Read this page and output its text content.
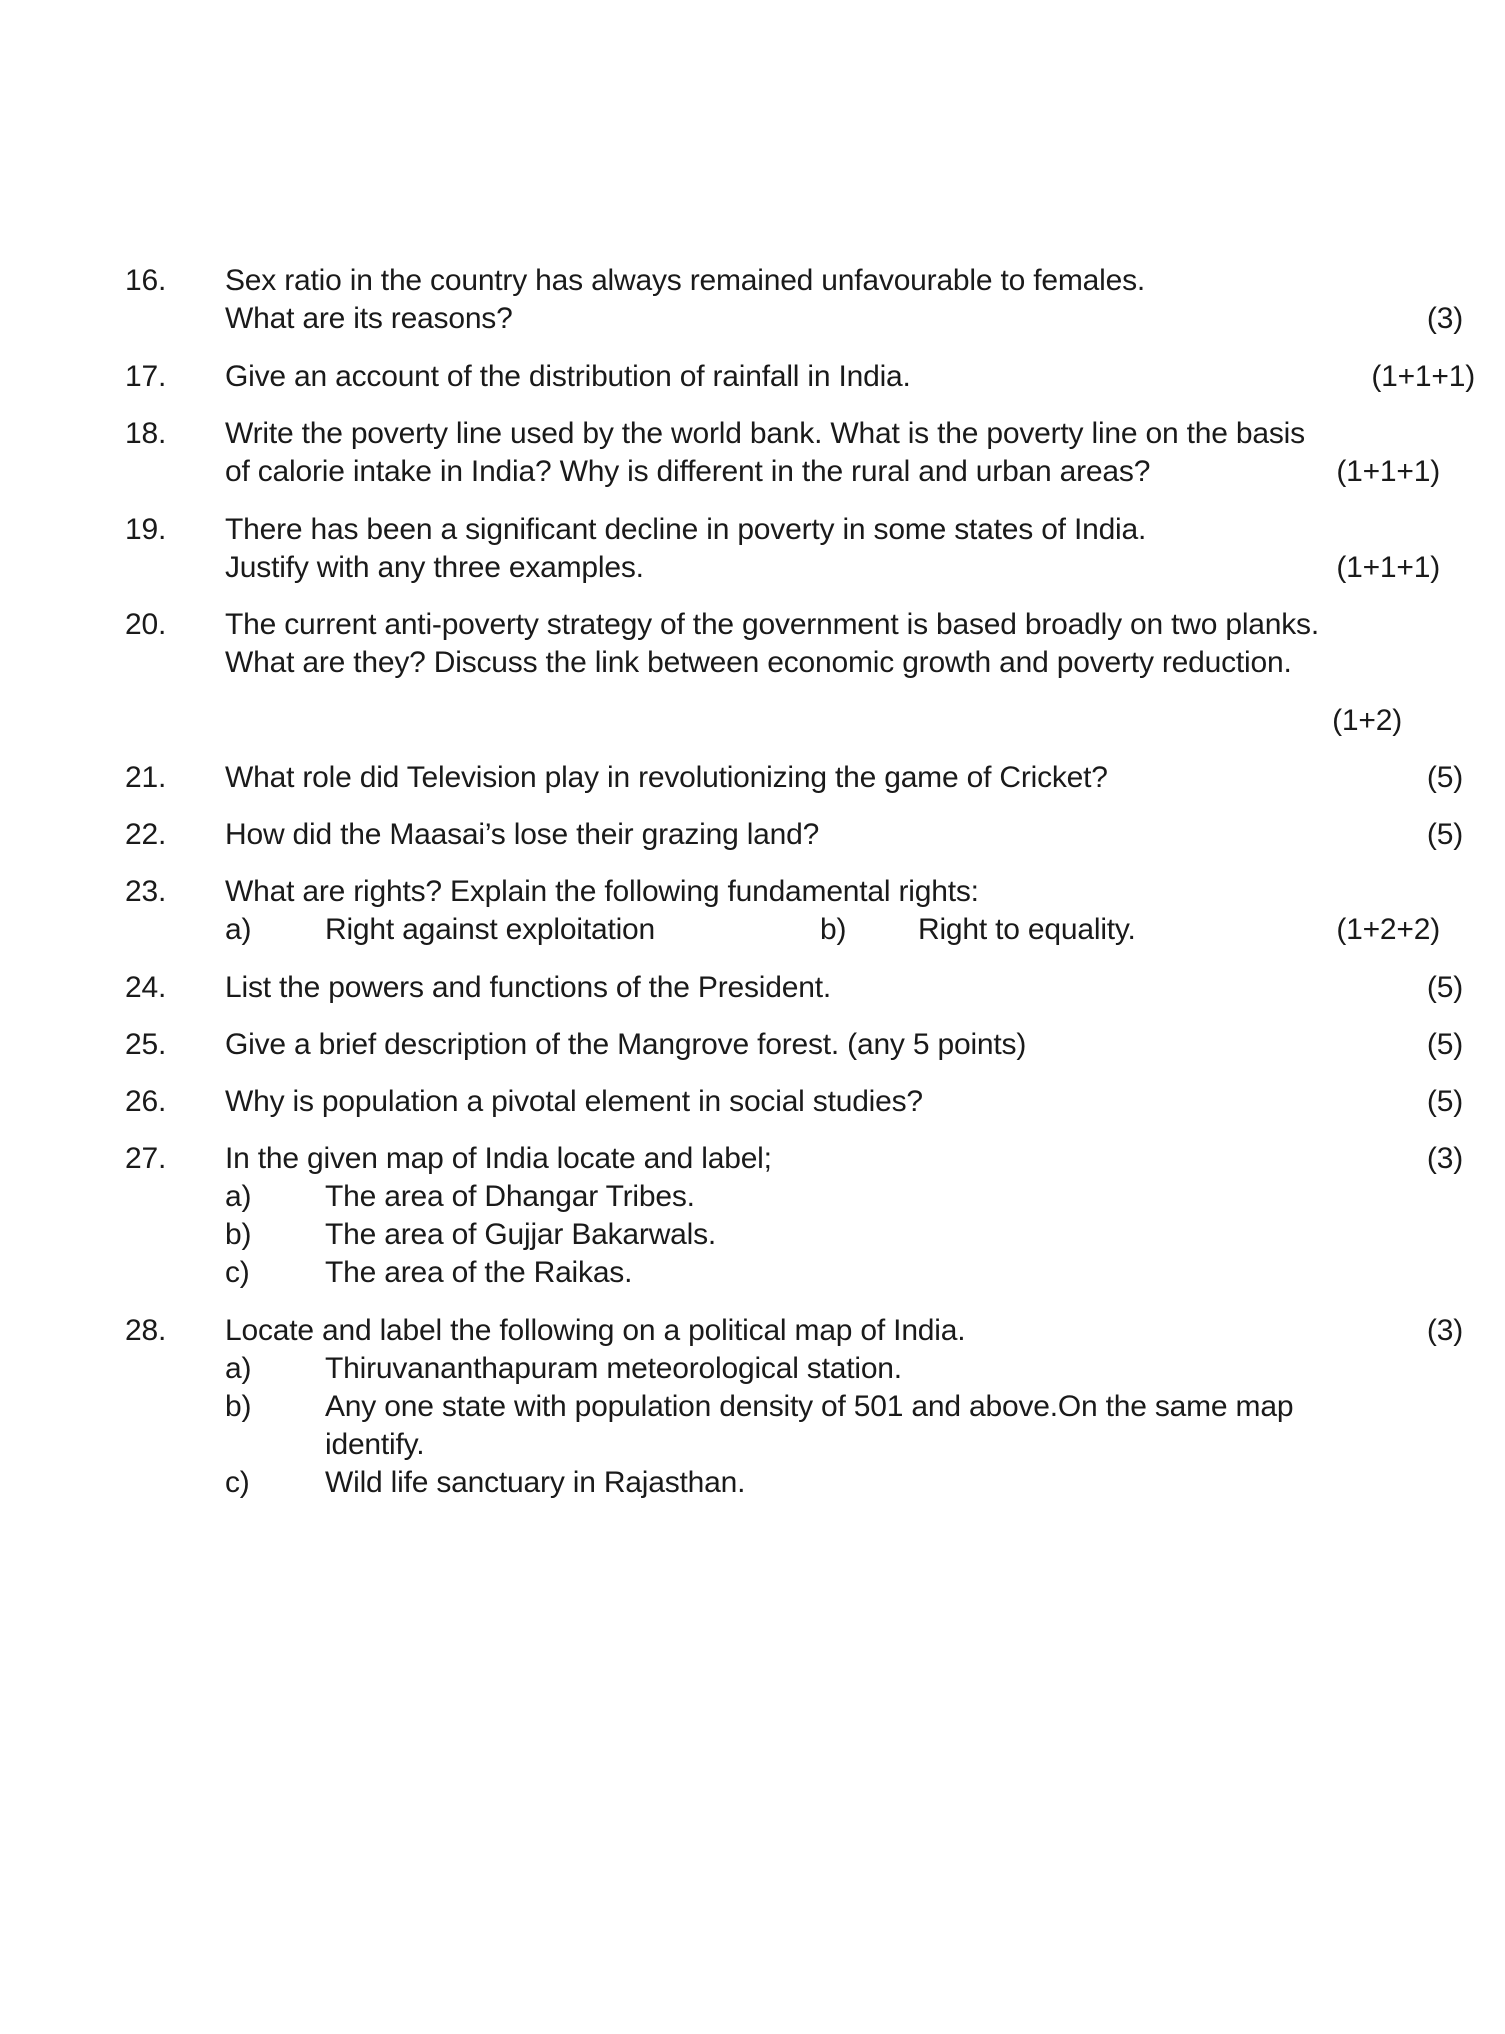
16. Sex ratio in the country has always remained unfavourable to females.
What are its reasons?	(3)
17. Give an account of the distribution of rainfall in India.	(1+1+1)
18. Write the poverty line used by the world bank. What is the poverty line on the basis
of calorie intake in India? Why is different in the rural and urban areas?	(1+1+1)
19. There has been a significant decline in poverty in some states of India.
Justify with any three examples.	(1+1+1)
20. The current anti-poverty strategy of the government is based broadly on two planks.
What are they? Discuss the link between economic growth and poverty reduction.
(1+2)
21. What role did Television play in revolutionizing the game of Cricket?	(5)
22. How did the Maasai’s lose their grazing land?	(5)
23. What are rights? Explain the following fundamental rights:
a) Right against exploitation	b) Right to equality.	(1+2+2)
24. List the powers and functions of the President.	(5)
25. Give a brief description of the Mangrove forest. (any 5 points)	(5)
26. Why is population a pivotal element in social studies?	(5)
27. In the given map of India locate and label;	(3)
a) The area of Dhangar Tribes.
b) The area of Gujjar Bakarwals.
c)	The area of the Raikas.
28. Locate and label the following on a political map of India.	(3)
a) Thiruvananthapuram meteorological station.
b) Any one state with population density of 501 and above.On the same map
identify.
c)	Wild life sanctuary in Rajasthan.
